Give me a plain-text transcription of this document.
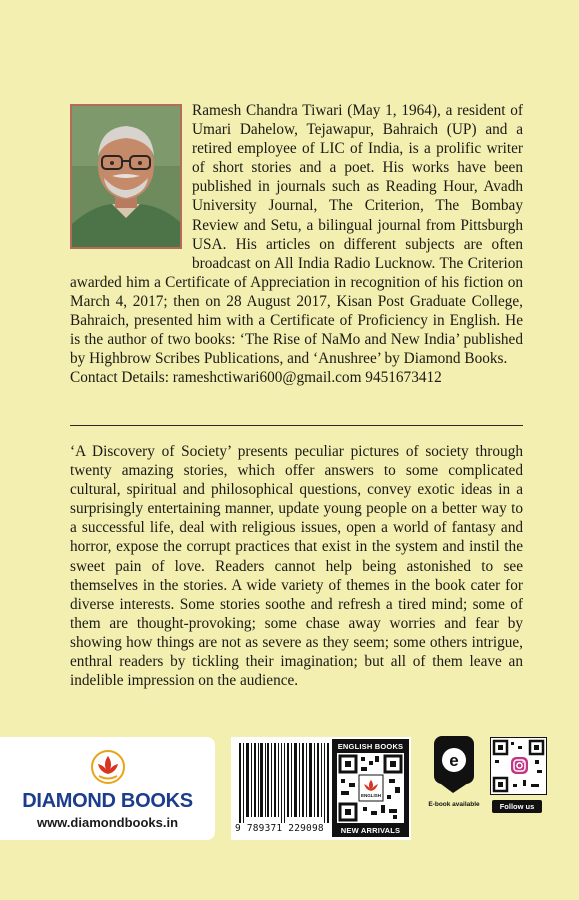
Ramesh Chandra Tiwari (May 1, 1964), a resident of Umari Dahelow, Tejawapur, Bahraich (UP) and a retired employee of LIC of India, is a prolific writer of short stories and a poet. His works have been published in journals such as Reading Hour, Avadh University Journal, The Criterion, The Bombay Review and Setu, a bilingual journal from Pittsburgh USA. His articles on different subjects are often broadcast on All India Radio Lucknow. The Criterion awarded him a Certificate of Appreciation in recognition of his fiction on March 4, 2017; then on 28 August 2017, Kisan Post Graduate College, Bahraich, presented him with a Certificate of Proficiency in English. He is the author of two books: ‘The Rise of NaMo and New India’ published by Highbrow Scribes Publications, and ‘Anushree’ by Diamond Books.

Contact Details: rameshctiwari600@gmail.com 9451673412

‘A Discovery of Society’ presents peculiar pictures of society through twenty amazing stories, which offer answers to some complicated cultural, spiritual and philosophical questions, convey exotic ideas in a surprisingly entertaining manner, update young people on a better way to a successful life, deal with religious issues, open a world of fantasy and horror, expose the corrupt practices that exist in the system and instil the sweet pain of love. Readers cannot help being astonished to see themselves in the stories. A wide variety of themes in the book cater for diverse interests. Some stories soothe and refresh a tired mind; some of them are thought-provoking; some chase away worries and fear by showing how things are not as severe as they seem; some others intrigue, enthral readers by tickling their imagination; but all of them leave an indelible impression on the audience.

DIAMOND BOOKS
www.diamondbooks.in	9 789371 229098
ENGLISH BOOKS
ENGLISH
NEW ARRIVALS
e
E-book available	Follow us
